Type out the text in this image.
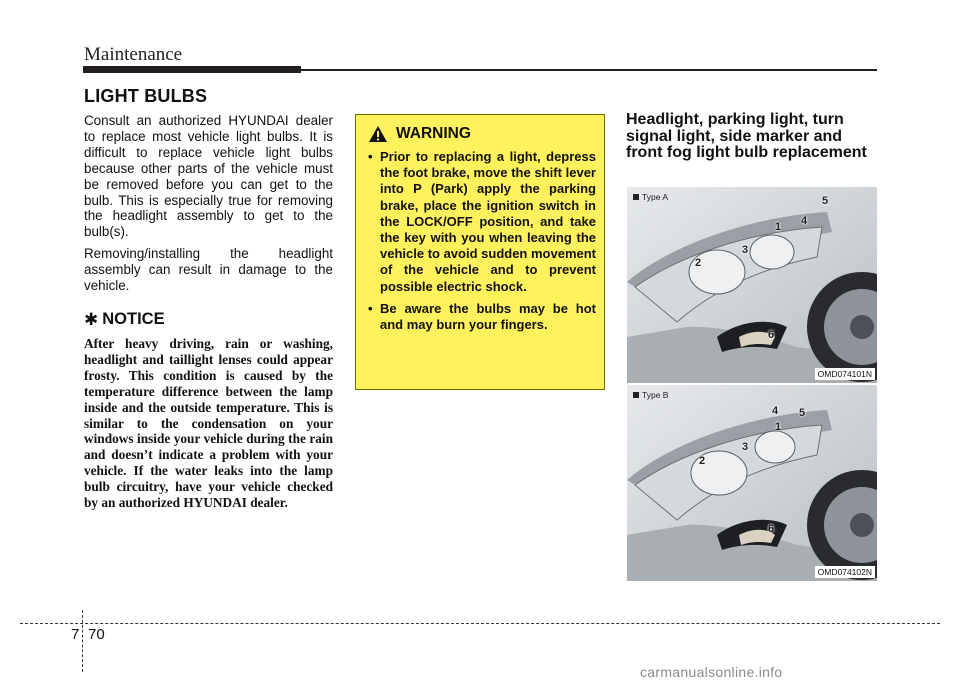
Maintenance
LIGHT BULBS

Consult an authorized HYUNDAI dealer to replace most vehicle light bulbs. It is difficult to replace vehicle light bulbs because other parts of the vehicle must be removed before you can get to the bulb. This is especially true for removing the headlight assembly to get to the bulb(s).

Removing/installing the headlight assembly can result in damage to the vehicle.

✱ NOTICE

After heavy driving, rain or washing, headlight and taillight lenses could appear frosty. This condition is caused by the temperature difference between the lamp inside and the outside temperature. This is similar to the condensation on your windows inside your vehicle during the rain and doesn’t indicate a problem with your vehicle. If the water leaks into the lamp bulb circuitry, have your vehicle checked by an authorized HYUNDAI dealer.

WARNING
• Prior to replacing a light, depress the foot brake, move the shift lever into P (Park) apply the parking brake, place the ignition switch in the LOCK/OFF position, and take the key with you when leaving the vehicle to avoid sudden movement of the vehicle and to prevent possible electric shock.
• Be aware the bulbs may be hot and may burn your fingers.
Headlight, parking light, turn signal light, side marker and front fog light bulb replacement
Type A
1
2
3
4
5
6
OMD074101N
Type B
1
2
3
4 5
6
OMD074102N
7 70
carmanualsonline.info
